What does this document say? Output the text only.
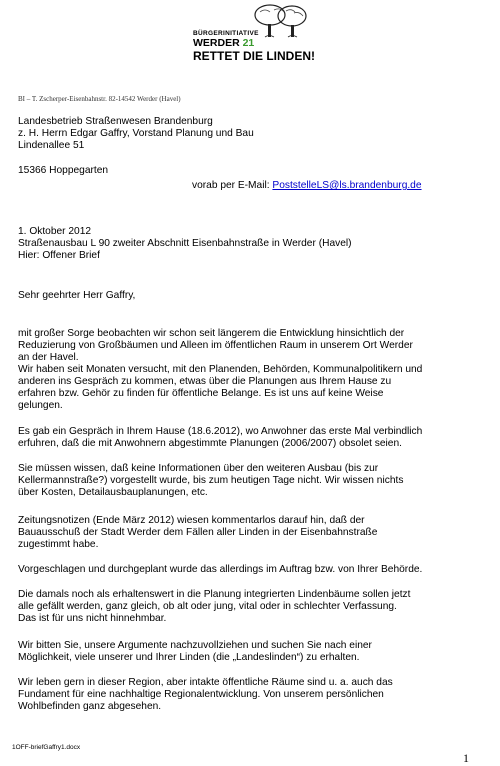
BÜRGERINITIATIVE
WERDER 21
RETTET DIE LINDEN!
BI – T. Zscherper-Eisenbahnstr. 82-14542 Werder (Havel)
Landesbetrieb Straßenwesen Brandenburg
z. H. Herrn Edgar Gaffry, Vorstand Planung und Bau
Lindenallee 51
15366 Hoppegarten
vorab per E-Mail: PoststelleLS@ls.brandenburg.de
1. Oktober 2012
Straßenausbau L 90 zweiter Abschnitt Eisenbahnstraße in Werder (Havel)
Hier: Offener Brief
Sehr geehrter Herr Gaffry,
mit großer Sorge beobachten wir schon seit längerem die Entwicklung hinsichtlich der
Reduzierung von Großbäumen und Alleen im öffentlichen Raum in unserem Ort Werder
an der Havel.
Wir haben seit Monaten versucht, mit den Planenden, Behörden, Kommunalpolitikern und
anderen ins Gespräch zu kommen, etwas über die Planungen aus Ihrem Hause zu
erfahren bzw. Gehör zu finden für öffentliche Belange. Es ist uns auf keine Weise
gelungen.
Es gab ein Gespräch in Ihrem Hause (18.6.2012), wo Anwohner das erste Mal verbindlich
erfuhren, daß die mit Anwohnern abgestimmte Planungen (2006/2007) obsolet seien.
Sie müssen wissen, daß keine Informationen über den weiteren Ausbau (bis zur
Kellermannstraße?) vorgestellt wurde, bis zum heutigen Tage nicht. Wir wissen nichts
über Kosten, Detailausbauplanungen, etc.
Zeitungsnotizen (Ende März 2012) wiesen kommentarlos darauf hin, daß der
Bauausschuß der Stadt Werder dem Fällen aller Linden in der Eisenbahnstraße
zugestimmt habe.
Vorgeschlagen und durchgeplant wurde das allerdings im Auftrag bzw. von Ihrer Behörde.
Die damals noch als erhaltenswert in die Planung integrierten Lindenbäume sollen jetzt
alle gefällt werden, ganz gleich, ob alt oder jung, vital oder in schlechter Verfassung.
Das ist für uns nicht hinnehmbar.
Wir bitten Sie, unsere Argumente nachzuvollziehen und suchen Sie nach einer
Möglichkeit, viele unserer und Ihrer Linden (die „Landeslinden“) zu erhalten.
Wir leben gern in dieser Region, aber intakte öffentliche Räume sind u. a. auch das
Fundament für eine nachhaltige Regionalentwicklung. Von unserem persönlichen
Wohlbefinden ganz abgesehen.
1OFF-briefGaffry1.docx
1
